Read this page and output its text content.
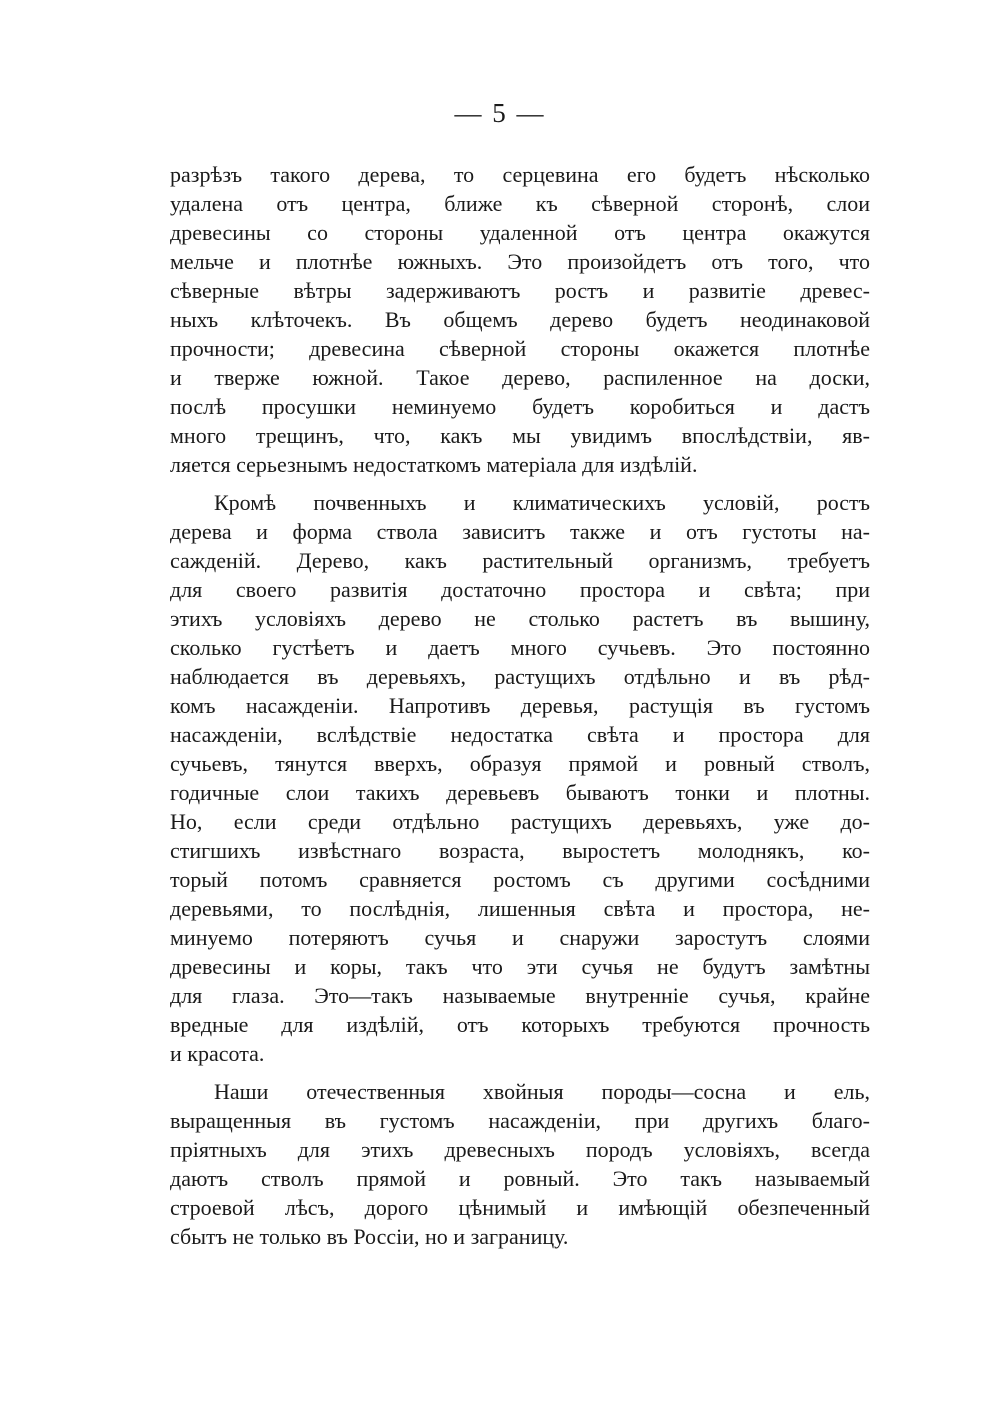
— 5 —
разрѣзъ такого дерева, то серцевина его будетъ нѣсколько
удалена отъ центра, ближе къ сѣверной сторонѣ, слои
древесины со стороны удаленной отъ центра окажутся
мельче и плотнѣе южныхъ. Это произойдетъ отъ того, что
сѣверные вѣтры задерживаютъ ростъ и развитіе древес-
ныхъ клѣточекъ. Въ общемъ дерево будетъ неодинаковой
прочности; древесина сѣверной стороны окажется плотнѣе
и тверже южной. Такое дерево, распиленное на доски,
послѣ просушки неминуемо будетъ коробиться и дастъ
много трещинъ, что, какъ мы увидимъ впослѣдствіи, яв-
ляется серьезнымъ недостаткомъ матеріала для издѣлій.
Кромѣ почвенныхъ и климатическихъ условій, ростъ
дерева и форма ствола зависитъ также и отъ густоты на-
сажденій. Дерево, какъ растительный организмъ, требуетъ
для своего развитія достаточно простора и свѣта; при
этихъ условіяхъ дерево не столько растетъ въ вышину,
сколько густѣетъ и даетъ много сучьевъ. Это постоянно
наблюдается въ деревьяхъ, растущихъ отдѣльно и въ рѣд-
комъ насажденіи. Напротивъ деревья, растущія въ густомъ
насажденіи, вслѣдствіе недостатка свѣта и простора для
сучьевъ, тянутся вверхъ, образуя прямой и ровный стволъ,
годичные слои такихъ деревьевъ бываютъ тонки и плотны.
Но, если среди отдѣльно растущихъ деревьяхъ, уже до-
стигшихъ извѣстнаго возраста, выростетъ молоднякъ, ко-
торый потомъ сравняется ростомъ съ другими сосѣдними
деревьями, то послѣднія, лишенныя свѣта и простора, не-
минуемо потеряютъ сучья и снаружи заростутъ слоями
древесины и коры, такъ что эти сучья не будутъ замѣтны
для глаза. Это—такъ называемые внутренніе сучья, крайне
вредные для издѣлій, отъ которыхъ требуются прочность
и красота.
Наши отечественныя хвойныя породы—сосна и ель,
выращенныя въ густомъ насажденіи, при другихъ благо-
пріятныхъ для этихъ древесныхъ породъ условіяхъ, всегда
даютъ стволъ прямой и ровный. Это такъ называемый
строевой лѣсъ, дорого цѣнимый и имѣющій обезпеченный
сбытъ не только въ Россіи, но и заграницу.
